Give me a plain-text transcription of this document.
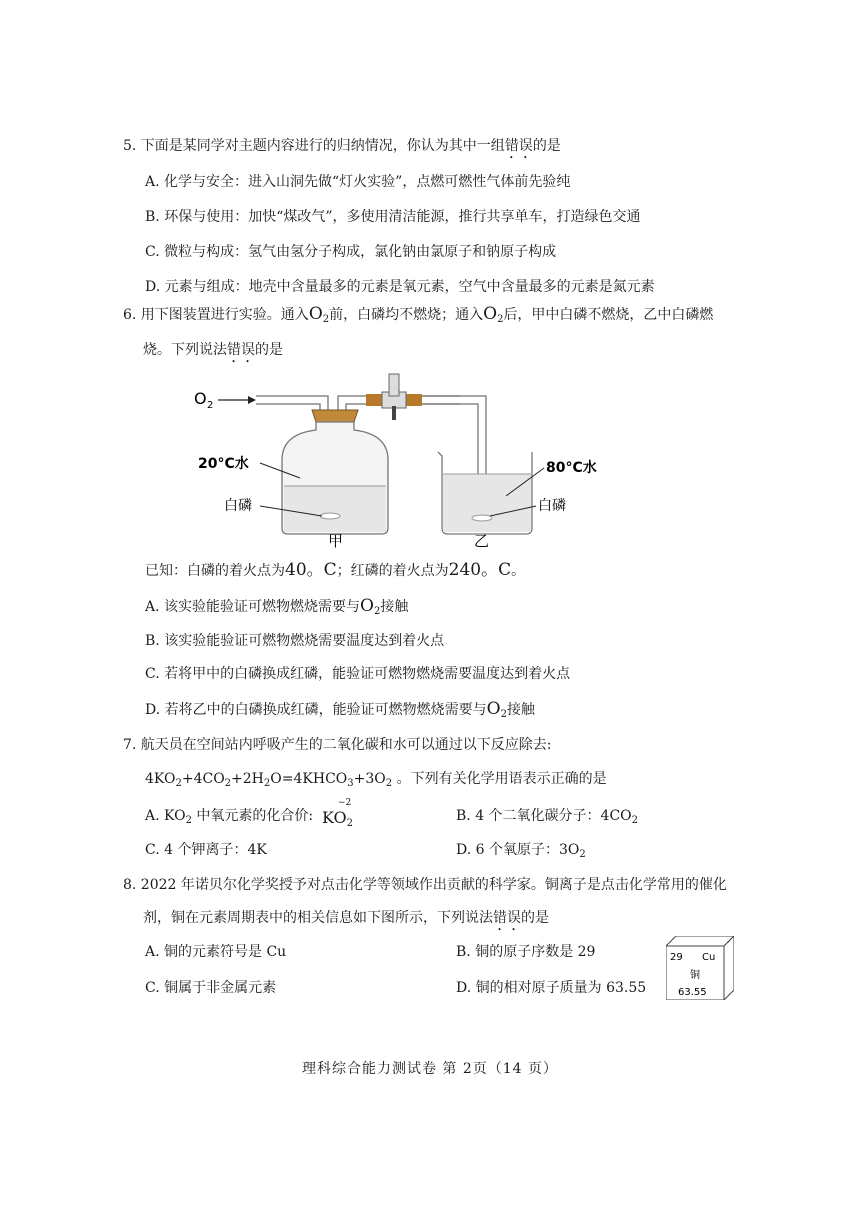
5. 下面是某同学对主题内容进行的归纳情况，你认为其中一组错误的是
A. 化学与安全：进入山洞先做“灯火实验”，点燃可燃性气体前先验纯
B. 环保与使用：加快“煤改气”，多使用清洁能源，推行共享单车，打造绿色交通
C. 微粒与构成：氢气由氢分子构成，氯化钠由氯原子和钠原子构成
D. 元素与组成：地壳中含量最多的元素是氧元素，空气中含量最多的元素是氮元素
6. 用下图装置进行实验。通入$O_2$前，白磷均不燃烧；通入$O_2$后，甲中白磷不燃烧，乙中白磷燃
烧。下列说法错误的是
O 2
20°C水
白磷
80°C水
白磷
甲	乙
已知：白磷的着火点为40。C；红磷的着火点为240。C。
A. 该实验能验证可燃物燃烧需要与$O_2$接触
B. 该实验能验证可燃物燃烧需要温度达到着火点
C. 若将甲中的白磷换成红磷，能验证可燃物燃烧需要温度达到着火点
D. 若将乙中的白磷换成红磷，能验证可燃物燃烧需要与$O_2$接触
7. 航天员在空间站内呼吸产生的二氧化碳和水可以通过以下反应除去:
$4KO_2+4CO_2+2H_2O=4KHCO_3+3O_2$ 。下列有关化学用语表示正确的是
A. $KO_2$ 中氧元素的化合价:
−2
$KO_2$	B. 4 个二氧化碳分子：$4CO_2$
C. 4 个钾离子：4K	D. 6 个氧原子：$3O_2$
8. 2022 年诺贝尔化学奖授予对点击化学等领域作出贡献的科学家。铜离子是点击化学常用的催化
剂，铜在元素周期表中的相关信息如下图所示，下列说法错误的是
A. 铜的元素符号是 Cu	B. 铜的原子序数是 29
C. 铜属于非金属元素	D. 铜的相对原子质量为 63.55
29 Cu
铜
63.55
理科综合能力测试卷 第 2页（14 页）
